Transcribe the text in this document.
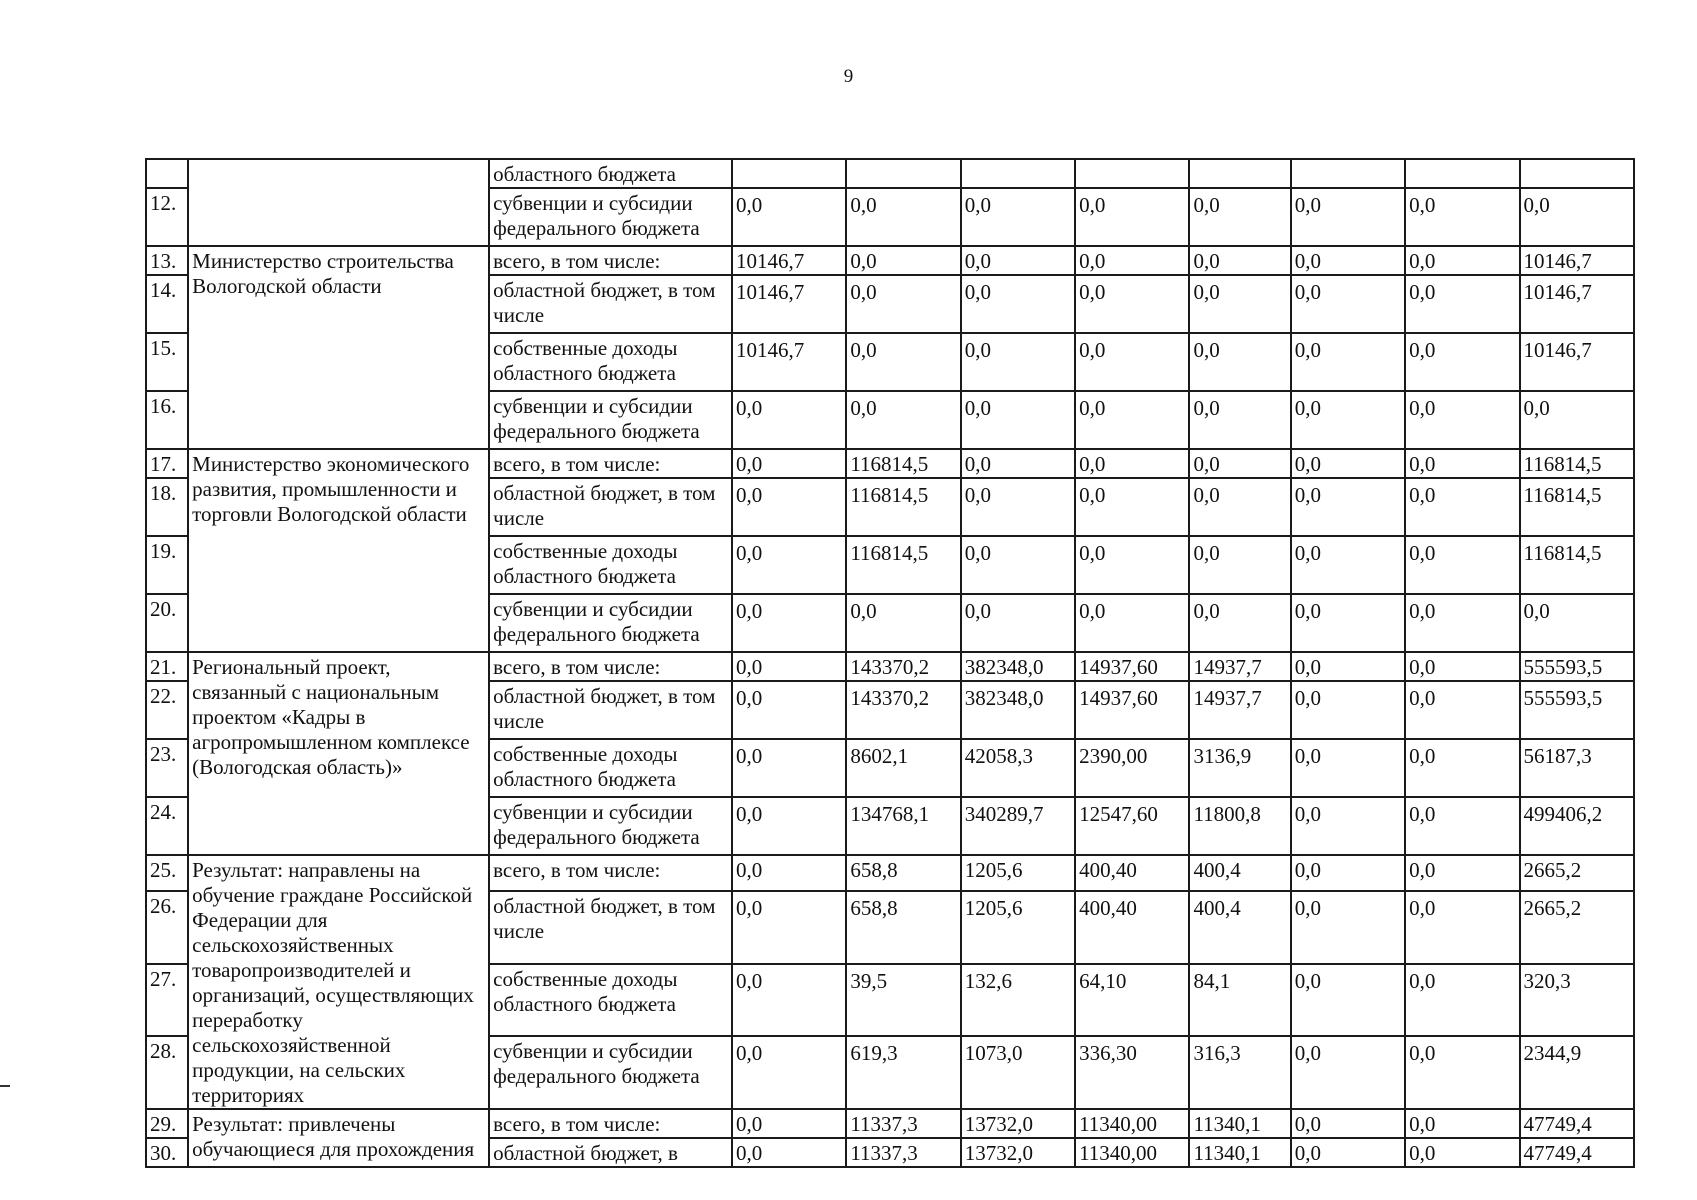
9
		областного бюджета								
12.		субвенции и субсидии федерального бюджета	0,0	0,0	0,0	0,0	0,0	0,0	0,0	0,0
13.	Министерство строительства Вологодской области	всего, в том числе:	10146,7	0,0	0,0	0,0	0,0	0,0	0,0	10146,7
14.		областной бюджет, в том числе	10146,7	0,0	0,0	0,0	0,0	0,0	0,0	10146,7
15.		собственные доходы областного бюджета	10146,7	0,0	0,0	0,0	0,0	0,0	0,0	10146,7
16.		субвенции и субсидии федерального бюджета	0,0	0,0	0,0	0,0	0,0	0,0	0,0	0,0
17.	Министерство экономического развития, промышленности и торговли Вологодской области	всего, в том числе:	0,0	116814,5	0,0	0,0	0,0	0,0	0,0	116814,5
18.		областной бюджет, в том числе	0,0	116814,5	0,0	0,0	0,0	0,0	0,0	116814,5
19.		собственные доходы областного бюджета	0,0	116814,5	0,0	0,0	0,0	0,0	0,0	116814,5
20.		субвенции и субсидии федерального бюджета	0,0	0,0	0,0	0,0	0,0	0,0	0,0	0,0
21.	Региональный проект, связанный с национальным проектом «Кадры в агропромышленном комплексе (Вологодская область)»	всего, в том числе:	0,0	143370,2	382348,0	14937,60	14937,7	0,0	0,0	555593,5
22.		областной бюджет, в том числе	0,0	143370,2	382348,0	14937,60	14937,7	0,0	0,0	555593,5
23.		собственные доходы областного бюджета	0,0	8602,1	42058,3	2390,00	3136,9	0,0	0,0	56187,3
24.		субвенции и субсидии федерального бюджета	0,0	134768,1	340289,7	12547,60	11800,8	0,0	0,0	499406,2
25.	Результат: направлены на обучение граждане Российской Федерации для сельскохозяйственных товаропроизводителей и организаций, осуществляющих переработку сельскохозяйственной продукции, на сельских территориях	всего, в том числе:	0,0	658,8	1205,6	400,40	400,4	0,0	0,0	2665,2
26.		областной бюджет, в том числе	0,0	658,8	1205,6	400,40	400,4	0,0	0,0	2665,2
27.		собственные доходы областного бюджета	0,0	39,5	132,6	64,10	84,1	0,0	0,0	320,3
28.		субвенции и субсидии федерального бюджета	0,0	619,3	1073,0	336,30	316,3	0,0	0,0	2344,9
29.	Результат: привлечены обучающиеся для прохождения	всего, в том числе:	0,0	11337,3	13732,0	11340,00	11340,1	0,0	0,0	47749,4
30.		областной бюджет, в	0,0	11337,3	13732,0	11340,00	11340,1	0,0	0,0	47749,4
